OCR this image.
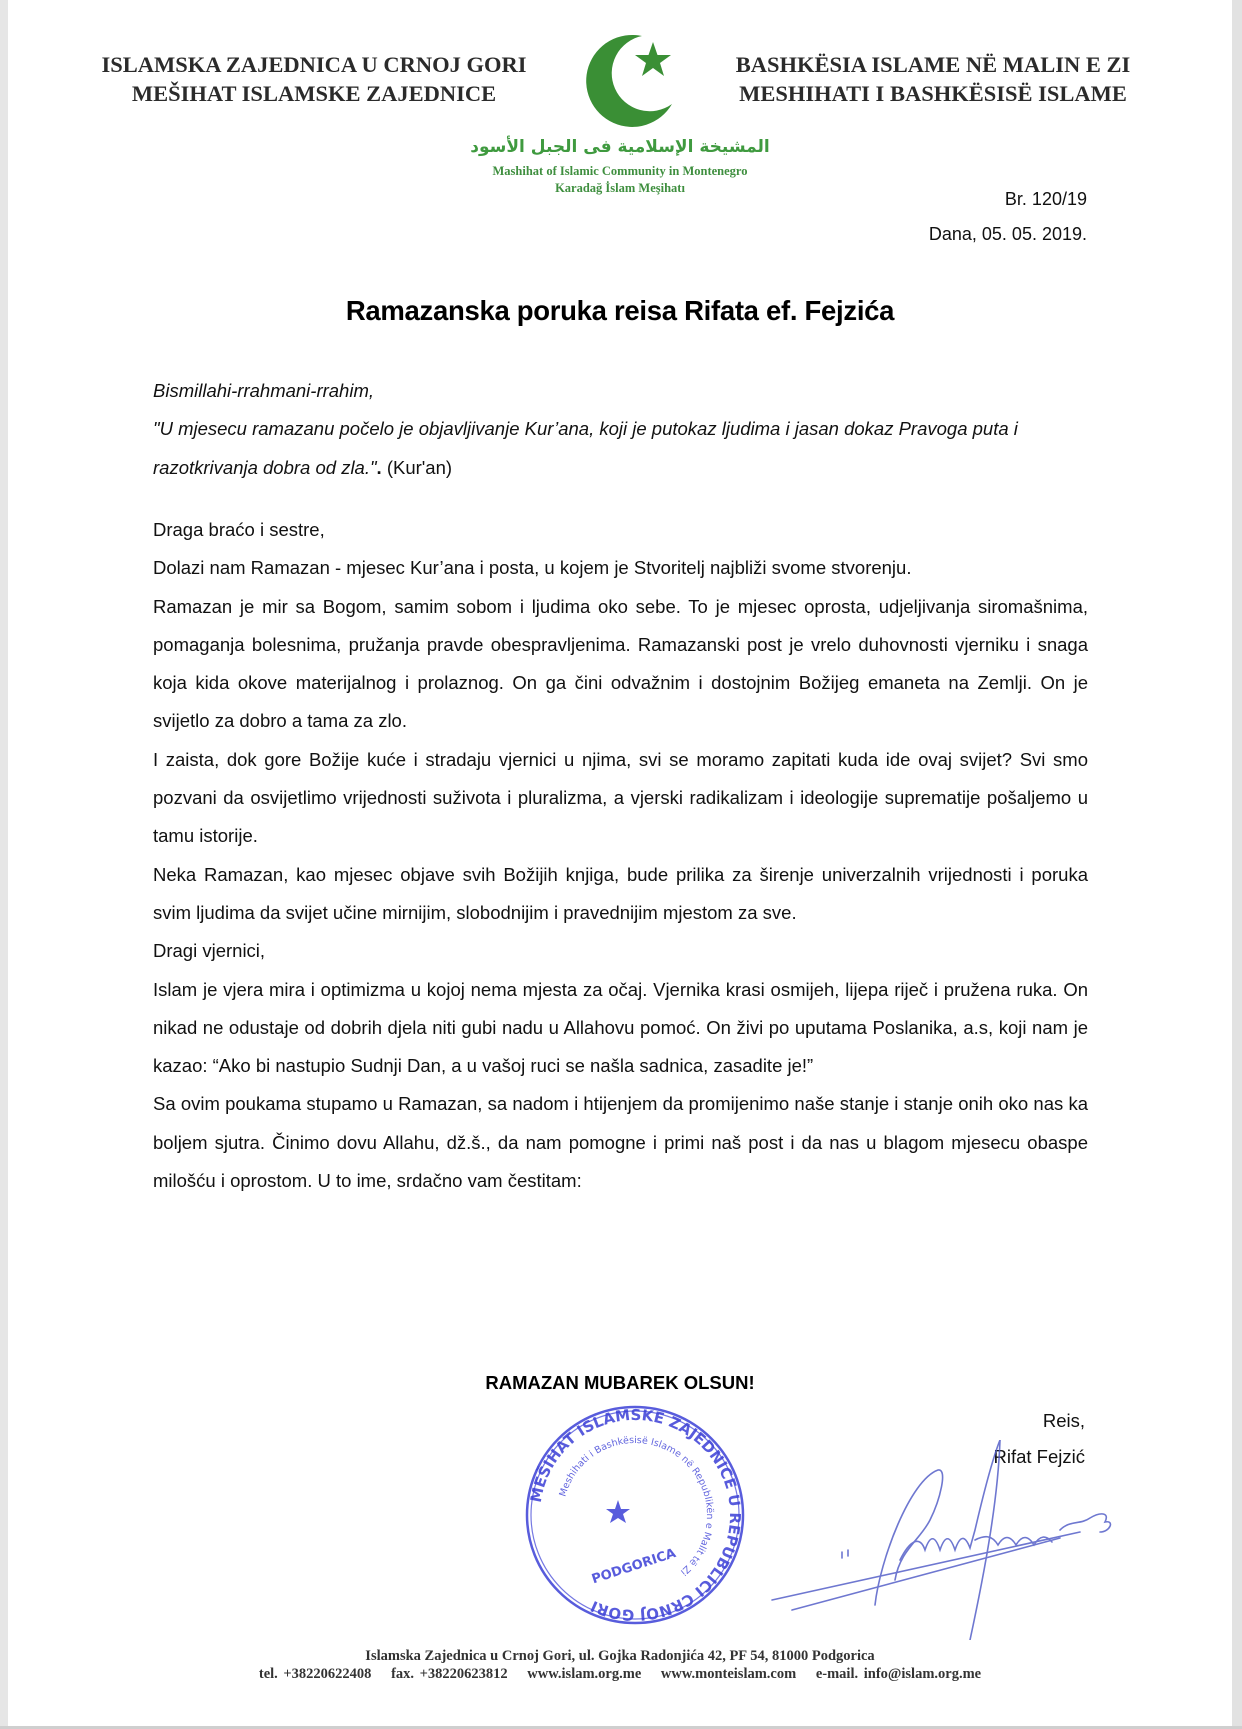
ISLAMSKA ZAJEDNICA U CRNOJ GORI
MEŠIHAT ISLAMSKE ZAJEDNICE
BASHKËSIA ISLAME NË MALIN E ZI
MESHIHATI I BASHKËSISË ISLAME
المشيخة الإسلامية فى الجبل الأسود
Mashihat of Islamic Community in Montenegro
Karadağ İslam Meşihatı
Br. 120/19
Dana, 05. 05. 2019.
Ramazanska poruka reisa Rifata ef. Fejzića

Bismillahi-rrahmani-rrahim,

"U mjesecu ramazanu počelo je objavljivanje Kur’ana, koji je putokaz ljudima i jasan dokaz Pravoga puta i razotkrivanja dobra od zla.". (Kur'an)

Draga braćo i sestre,

Dolazi nam Ramazan - mjesec Kur’ana i posta, u kojem je Stvoritelj najbliži svome stvorenju.

Ramazan je mir sa Bogom, samim sobom i ljudima oko sebe. To je mjesec oprosta, udjeljivanja siromašnima, pomaganja bolesnima, pružanja pravde obespravljenima. Ramazanski post je vrelo duhovnosti vjerniku i snaga koja kida okove materijalnog i prolaznog. On ga čini odvažnim i dostojnim Božijeg emaneta na Zemlji. On je svijetlo za dobro a tama za zlo.

I zaista, dok gore Božije kuće i stradaju vjernici u njima, svi se moramo zapitati kuda ide ovaj svijet? Svi smo pozvani da osvijetlimo vrijednosti suživota i pluralizma, a vjerski radikalizam i ideologije suprematije pošaljemo u tamu istorije.

Neka Ramazan, kao mjesec objave svih Božijih knjiga, bude prilika za širenje univerzalnih vrijednosti i poruka svim ljudima da svijet učine mirnijim, slobodnijim i pravednijim mjestom za sve.

Dragi vjernici,

Islam je vjera mira i optimizma u kojoj nema mjesta za očaj. Vjernika krasi osmijeh, lijepa riječ i pružena ruka. On nikad ne odustaje od dobrih djela niti gubi nadu u Allahovu pomoć. On živi po uputama Poslanika, a.s, koji nam je kazao: “Ako bi nastupio Sudnji Dan, a u vašoj ruci se našla sadnica, zasadite je!”

Sa ovim poukama stupamo u Ramazan, sa nadom i htijenjem da promijenimo naše stanje i stanje onih oko nas ka boljem sjutra. Činimo dovu Allahu, dž.š., da nam pomogne i primi naš post i da nas u blagom mjesecu obaspe milošću i oprostom. U to ime, srdačno vam čestitam:

RAMAZAN MUBAREK OLSUN!
Reis,
Rifat Fejzić
MEŠIHAT ISLAMSKE ZAJEDNICE U REPUBLICI CRNOJ GORI
Meshihati i Bashkësisë Islame në Republikën e Malit të Zi
PODGORICA
Islamska Zajednica u Crnoj Gori, ul. Gojka Radonjića 42, PF 54, 81000 Podgorica
tel. +38220622408 fax. +38220623812 www.islam.org.me www.monteislam.com e-mail. info@islam.org.me
